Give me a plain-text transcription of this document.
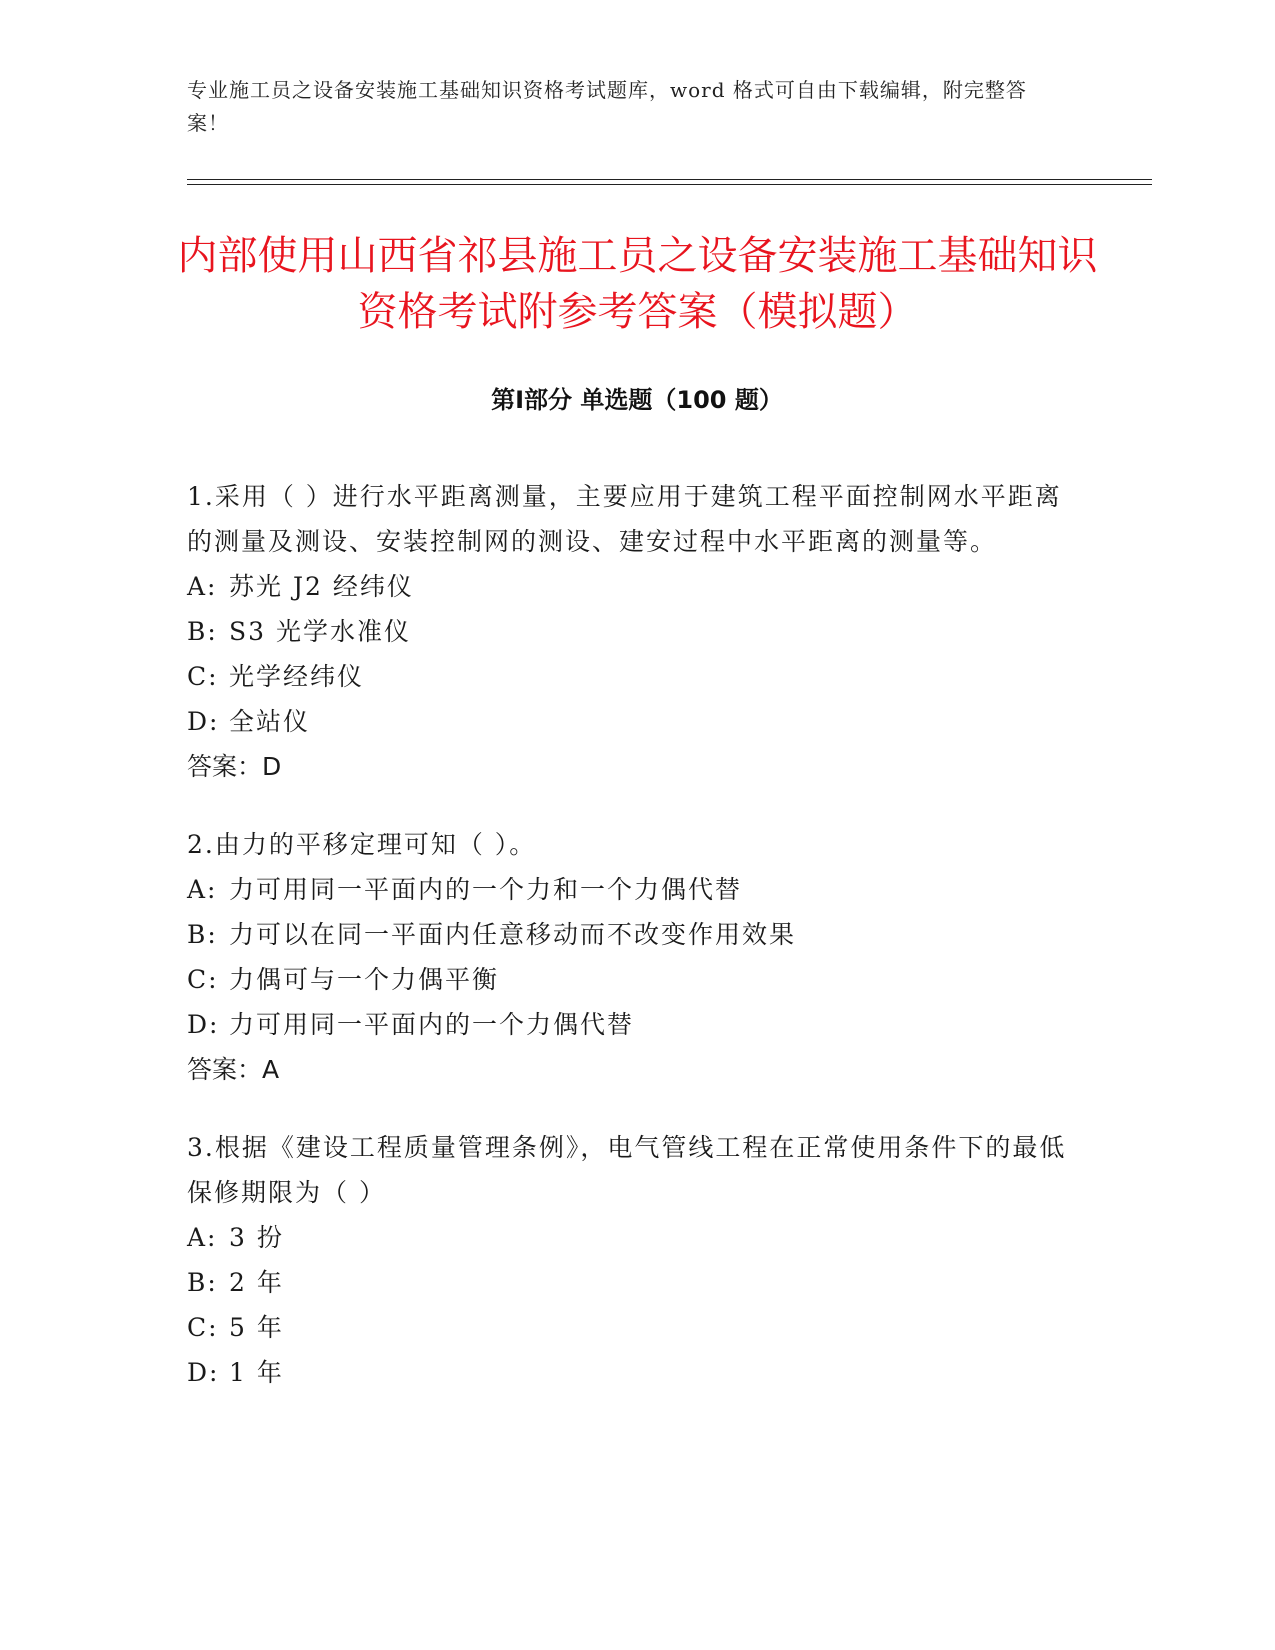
专业施工员之设备安装施工基础知识资格考试题库，word 格式可自由下载编辑，附完整答案！
内部使用山西省祁县施工员之设备安装施工基础知识资格考试附参考答案（模拟题）
第Ⅰ部分 单选题（100 题）

1.采用（ ）进行水平距离测量，主要应用于建筑工程平面控制网水平距离的测量及测设、安装控制网的测设、建安过程中水平距离的测量等。

A: 苏光 J2 经纬仪
B: S3 光学水准仪
C: 光学经纬仪
D: 全站仪

答案：D

2.由力的平移定理可知（ ）。

A: 力可用同一平面内的一个力和一个力偶代替
B: 力可以在同一平面内任意移动而不改变作用效果
C: 力偶可与一个力偶平衡
D: 力可用同一平面内的一个力偶代替

答案：A

3.根据《建设工程质量管理条例》，电气管线工程在正常使用条件下的最低保修期限为（ ）

A: 3 扮
B: 2 年
C: 5 年
D: 1 年
